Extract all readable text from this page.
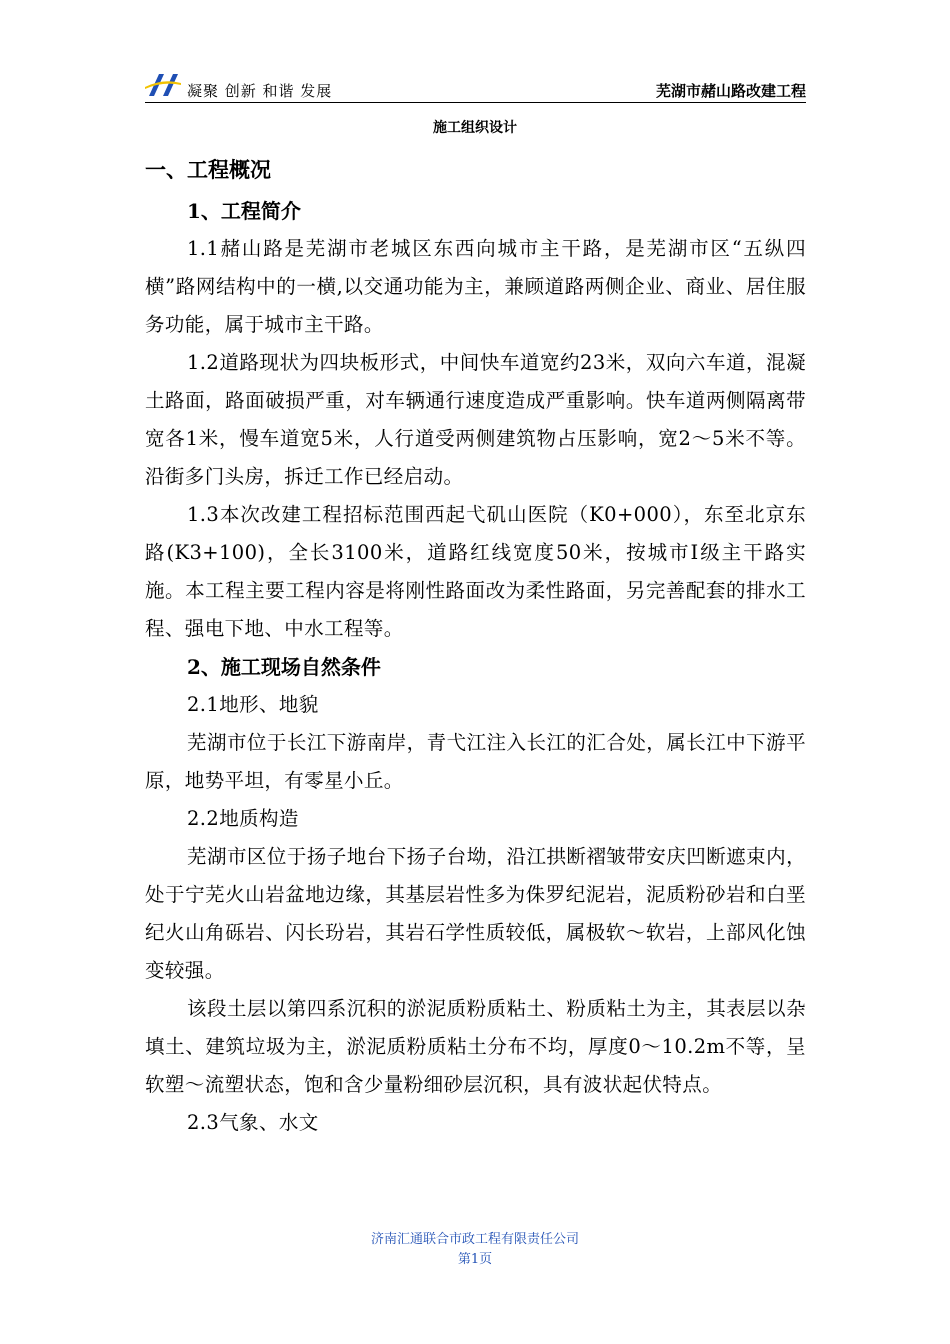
凝聚 创新 和谐 发展	芜湖市赭山路改建工程
施工组织设计
一、工程概况
1、工程简介

1.1赭山路是芜湖市老城区东西向城市主干路，是芜湖市区“五纵四横”路网结构中的一横,以交通功能为主，兼顾道路两侧企业、商业、居住服务功能，属于城市主干路。

1.2道路现状为四块板形式，中间快车道宽约23米，双向六车道，混凝土路面，路面破损严重，对车辆通行速度造成严重影响。快车道两侧隔离带宽各1米，慢车道宽5米，人行道受两侧建筑物占压影响，宽2～5米不等。沿街多门头房，拆迁工作已经启动。

1.3本次改建工程招标范围西起弋矶山医院（K0+000），东至北京东路(K3+100)，全长3100米，道路红线宽度50米，按城市I级主干路实施。本工程主要工程内容是将刚性路面改为柔性路面，另完善配套的排水工程、强电下地、中水工程等。

2、施工现场自然条件

2.1地形、地貌

芜湖市位于长江下游南岸，青弋江注入长江的汇合处，属长江中下游平原，地势平坦，有零星小丘。

2.2地质构造

芜湖市区位于扬子地台下扬子台坳，沿江拱断褶皱带安庆凹断遮束内，处于宁芜火山岩盆地边缘，其基层岩性多为侏罗纪泥岩，泥质粉砂岩和白垩纪火山角砾岩、闪长玢岩，其岩石学性质较低，属极软～软岩，上部风化蚀变较强。

该段土层以第四系沉积的淤泥质粉质粘土、粉质粘土为主，其表层以杂填土、建筑垃圾为主，淤泥质粉质粘土分布不均，厚度0～10.2m不等，呈软塑～流塑状态，饱和含少量粉细砂层沉积，具有波状起伏特点。

2.3气象、水文

济南汇通联合市政工程有限责任公司
第1页
